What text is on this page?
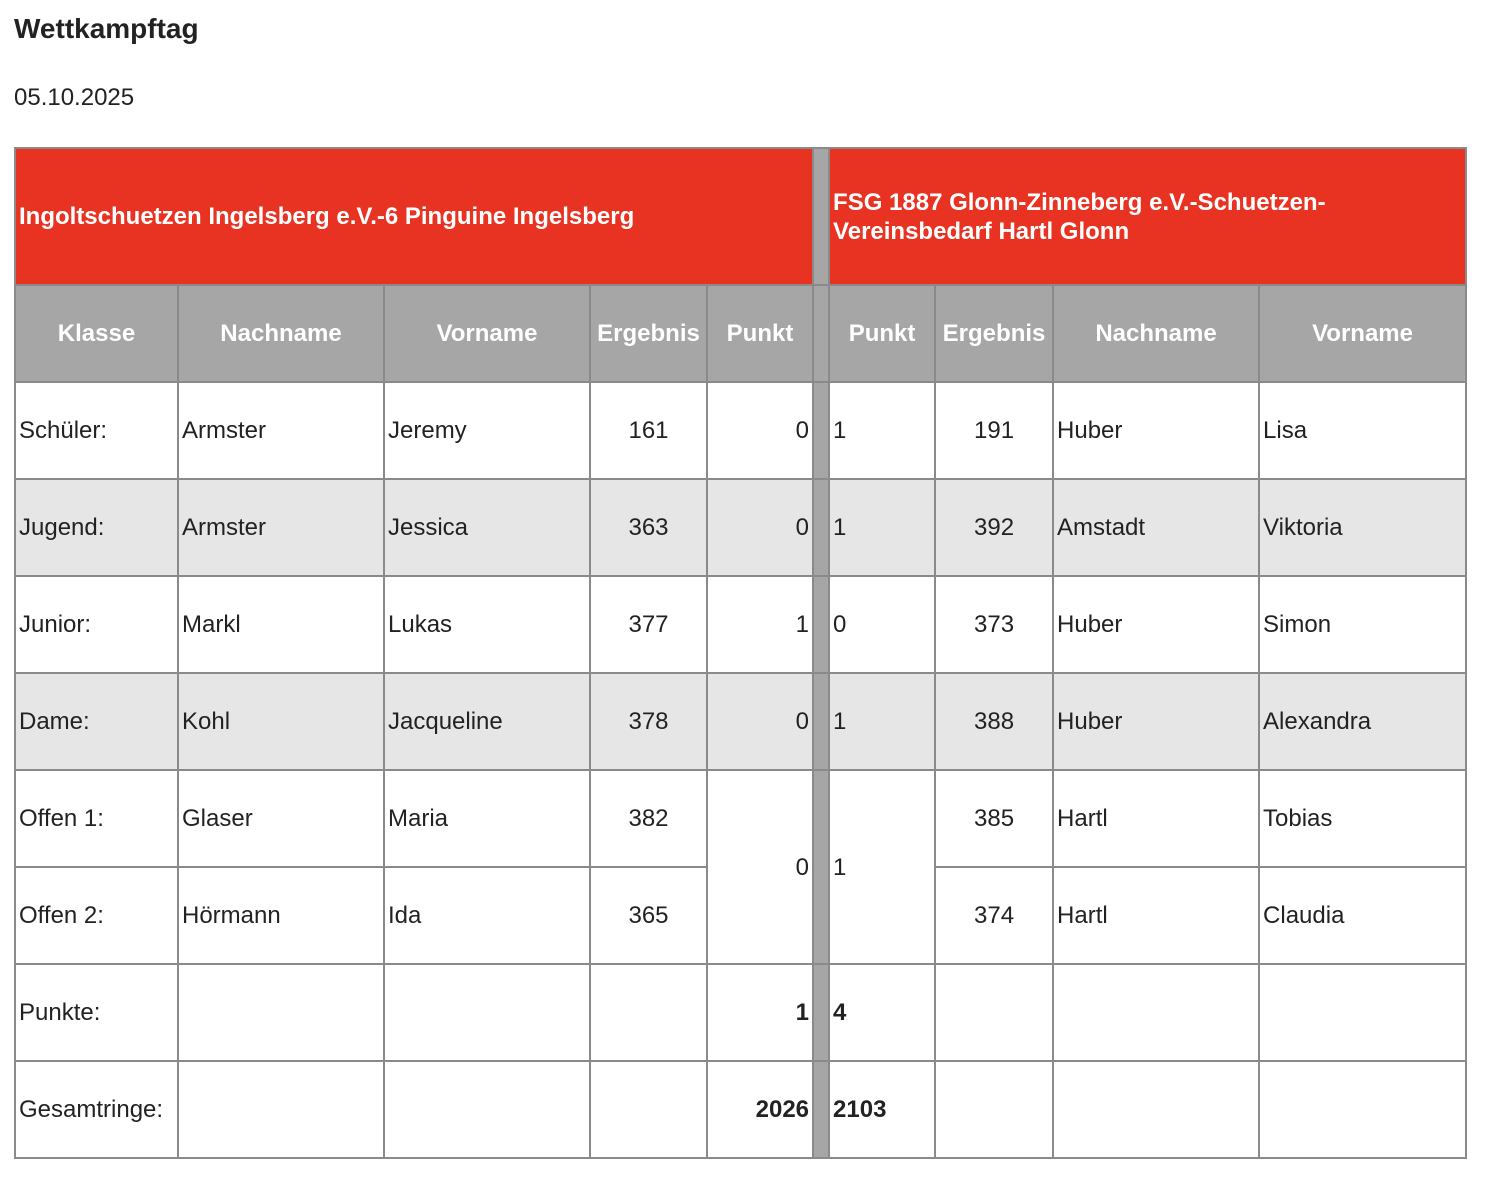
Wettkampftag
05.10.2025
Ingoltschuetzen Ingelsberg e.V.-6 Pinguine Ingelsberg						FSG 1887 Glonn-Zinneberg e.V.-Schuetzen-Vereinsbedarf Hartl Glonn			
Klasse	Nachname	Vorname	Ergebnis	Punkt		Punkt	Ergebnis	Nachname	Vorname
Schüler:	Armster	Jeremy	161	0		1	191	Huber	Lisa
Jugend:	Armster	Jessica	363	0		1	392	Amstadt	Viktoria
Junior:	Markl	Lukas	377	1		0	373	Huber	Simon
Dame:	Kohl	Jacqueline	378	0		1	388	Huber	Alexandra
Offen 1:	Glaser	Maria	382	0		1	385	Hartl	Tobias
Offen 2:	Hörmann	Ida	365				374	Hartl	Claudia
Punkte:				1		4			
Gesamtringe:				2026		2103			
